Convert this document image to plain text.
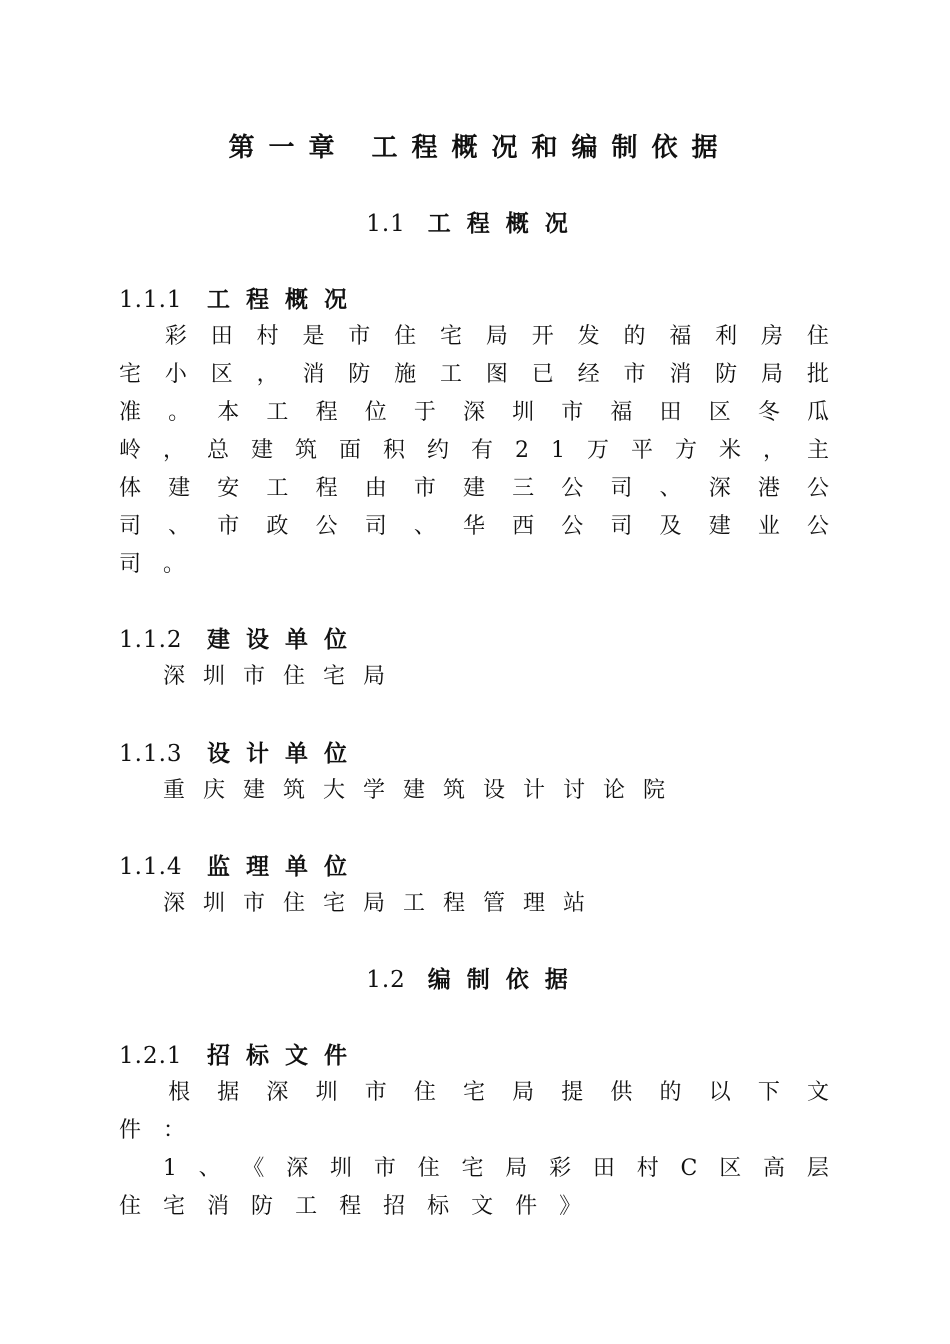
第一章 工程概况和编制依据
1.1 工程概况
1.1.1 工程概况

彩 田 村 是 市 住 宅 局 开 发 的 福 利 房 住
宅 小 区 ， 消 防 施 工 图 已 经 市 消 防 局 批
准 。 本 工 程 位 于 深 圳 市 福 田 区 冬 瓜
岭 ， 总 建 筑 面 积 约 有 2 1 万 平 方 米 ， 主
体 建 安 工 程 由 市 建 三 公 司 、 深 港 公
司 、 市 政 公 司 、 华 西 公 司 及 建 业 公
司 。
1.1.2 建设单位
深圳市住宅局
1.1.3 设计单位
重庆建筑大学建筑设计讨论院
1.1.4 监理单位
深圳市住宅局工程管理站
1.2 编制依据
1.2.1 招标文件

根 据 深 圳 市 住 宅 局 提 供 的 以 下 文
件 ：

1 、 《 深 圳 市 住 宅 局 彩 田 村 C 区 高 层
住 宅 消 防 工 程 招 标 文 件 》
